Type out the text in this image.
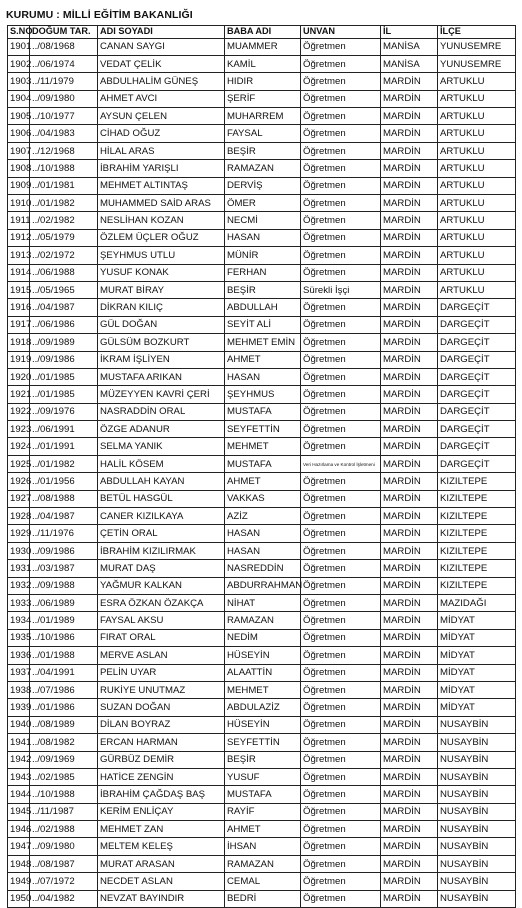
KURUMU : MİLLİ EĞİTİM BAKANLIĞI
S.NO	DOĞUM TAR.	ADI SOYADI	BABA ADI	UNVAN	İL	İLÇE
1901	../08/1968	CANAN SAYGI	MUAMMER	Öğretmen	MANİSA	YUNUSEMRE
1902	../06/1974	VEDAT ÇELİK	KAMİL	Öğretmen	MANİSA	YUNUSEMRE
1903	../11/1979	ABDULHALİM GÜNEŞ	HIDIR	Öğretmen	MARDİN	ARTUKLU
1904	../09/1980	AHMET AVCI	ŞERİF	Öğretmen	MARDİN	ARTUKLU
1905	../10/1977	AYSUN ÇELEN	MUHARREM	Öğretmen	MARDİN	ARTUKLU
1906	../04/1983	CİHAD OĞUZ	FAYSAL	Öğretmen	MARDİN	ARTUKLU
1907	../12/1968	HİLAL ARAS	BEŞİR	Öğretmen	MARDİN	ARTUKLU
1908	../10/1988	İBRAHİM YARIŞLI	RAMAZAN	Öğretmen	MARDİN	ARTUKLU
1909	../01/1981	MEHMET ALTINTAŞ	DERVİŞ	Öğretmen	MARDİN	ARTUKLU
1910	../01/1982	MUHAMMED SAİD ARAS	ÖMER	Öğretmen	MARDİN	ARTUKLU
1911	../02/1982	NESLİHAN KOZAN	NECMİ	Öğretmen	MARDİN	ARTUKLU
1912	../05/1979	ÖZLEM ÜÇLER OĞUZ	HASAN	Öğretmen	MARDİN	ARTUKLU
1913	../02/1972	ŞEYHMUS UTLU	MÜNİR	Öğretmen	MARDİN	ARTUKLU
1914	../06/1988	YUSUF KONAK	FERHAN	Öğretmen	MARDİN	ARTUKLU
1915	../05/1965	MURAT BİRAY	BEŞİR	Sürekli İşçi	MARDİN	ARTUKLU
1916	../04/1987	DİKRAN KILIÇ	ABDULLAH	Öğretmen	MARDİN	DARGEÇİT
1917	../06/1986	GÜL DOĞAN	SEYİT ALİ	Öğretmen	MARDİN	DARGEÇİT
1918	../09/1989	GÜLSÜM BOZKURT	MEHMET EMİN	Öğretmen	MARDİN	DARGEÇİT
1919	../09/1986	İKRAM İŞLİYEN	AHMET	Öğretmen	MARDİN	DARGEÇİT
1920	../01/1985	MUSTAFA ARIKAN	HASAN	Öğretmen	MARDİN	DARGEÇİT
1921	../01/1985	MÜZEYYEN KAVRİ ÇERİ	ŞEYHMUS	Öğretmen	MARDİN	DARGEÇİT
1922	../09/1976	NASRADDİN ORAL	MUSTAFA	Öğretmen	MARDİN	DARGEÇİT
1923	../06/1991	ÖZGE ADANUR	SEYFETTİN	Öğretmen	MARDİN	DARGEÇİT
1924	../01/1991	SELMA YANIK	MEHMET	Öğretmen	MARDİN	DARGEÇİT
1925	../01/1982	HALİL KÖSEM	MUSTAFA	Veri Hazırlama ve Kontrol İşletmeni	MARDİN	DARGEÇİT
1926	../01/1956	ABDULLAH KAYAN	AHMET	Öğretmen	MARDİN	KIZILTEPE
1927	../08/1988	BETÜL HASGÜL	VAKKAS	Öğretmen	MARDİN	KIZILTEPE
1928	../04/1987	CANER KIZILKAYA	AZİZ	Öğretmen	MARDİN	KIZILTEPE
1929	../11/1976	ÇETİN ORAL	HASAN	Öğretmen	MARDİN	KIZILTEPE
1930	../09/1986	İBRAHİM KIZILIRMAK	HASAN	Öğretmen	MARDİN	KIZILTEPE
1931	../03/1987	MURAT DAŞ	NASREDDİN	Öğretmen	MARDİN	KIZILTEPE
1932	../09/1988	YAĞMUR KALKAN	ABDURRAHMAN	Öğretmen	MARDİN	KIZILTEPE
1933	../06/1989	ESRA ÖZKAN ÖZAKÇA	NİHAT	Öğretmen	MARDİN	MAZIDAĞI
1934	../01/1989	FAYSAL AKSU	RAMAZAN	Öğretmen	MARDİN	MİDYAT
1935	../10/1986	FIRAT ORAL	NEDİM	Öğretmen	MARDİN	MİDYAT
1936	../01/1988	MERVE ASLAN	HÜSEYİN	Öğretmen	MARDİN	MİDYAT
1937	../04/1991	PELİN UYAR	ALAATTİN	Öğretmen	MARDİN	MİDYAT
1938	../07/1986	RUKİYE UNUTMAZ	MEHMET	Öğretmen	MARDİN	MİDYAT
1939	../01/1986	SUZAN DOĞAN	ABDULAZİZ	Öğretmen	MARDİN	MİDYAT
1940	../08/1989	DİLAN BOYRAZ	HÜSEYİN	Öğretmen	MARDİN	NUSAYBİN
1941	../08/1982	ERCAN HARMAN	SEYFETTİN	Öğretmen	MARDİN	NUSAYBİN
1942	../09/1969	GÜRBÜZ DEMİR	BEŞİR	Öğretmen	MARDİN	NUSAYBİN
1943	../02/1985	HATİCE ZENGİN	YUSUF	Öğretmen	MARDİN	NUSAYBİN
1944	../10/1988	İBRAHİM ÇAĞDAŞ BAŞ	MUSTAFA	Öğretmen	MARDİN	NUSAYBİN
1945	../11/1987	KERİM ENLİÇAY	RAYİF	Öğretmen	MARDİN	NUSAYBİN
1946	../02/1988	MEHMET ZAN	AHMET	Öğretmen	MARDİN	NUSAYBİN
1947	../09/1980	MELTEM KELEŞ	İHSAN	Öğretmen	MARDİN	NUSAYBİN
1948	../08/1987	MURAT ARASAN	RAMAZAN	Öğretmen	MARDİN	NUSAYBİN
1949	../07/1972	NECDET ASLAN	CEMAL	Öğretmen	MARDİN	NUSAYBİN
1950	../04/1982	NEVZAT BAYINDIR	BEDRİ	Öğretmen	MARDİN	NUSAYBİN
